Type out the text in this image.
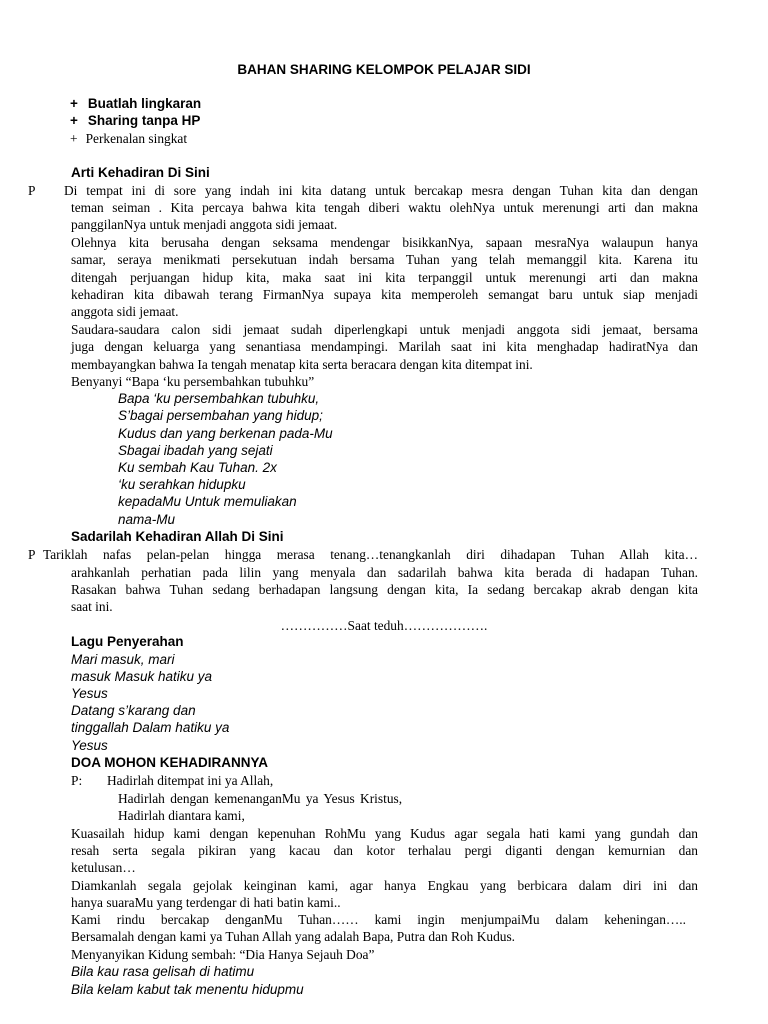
BAHAN SHARING KELOMPOK PELAJAR SIDI
+ Buatlah lingkaran
+ Sharing tanpa HP
+ Perkenalan singkat
Arti Kehadiran Di Sini
P Di tempat ini di sore yang indah ini kita datang untuk bercakap mesra dengan Tuhan kita dan dengan
teman seiman . Kita percaya bahwa kita tengah diberi waktu olehNya untuk merenungi arti dan makna
panggilanNya untuk menjadi anggota sidi jemaat.
Olehnya kita berusaha dengan seksama mendengar bisikkanNya, sapaan mesraNya walaupun hanya
samar, seraya menikmati persekutuan indah bersama Tuhan yang telah memanggil kita. Karena itu
ditengah perjuangan hidup kita, maka saat ini kita terpanggil untuk merenungi arti dan makna
kehadiran kita dibawah terang FirmanNya supaya kita memperoleh semangat baru untuk siap menjadi
anggota sidi jemaat.
Saudara-saudara calon sidi jemaat sudah diperlengkapi untuk menjadi anggota sidi jemaat, bersama
juga dengan keluarga yang senantiasa mendampingi. Marilah saat ini kita menghadap hadiratNya dan
membayangkan bahwa Ia tengah menatap kita serta beracara dengan kita ditempat ini.
Benyanyi “Bapa ‘ku persembahkan tubuhku”
Bapa ‘ku persembahkan tubuhku,
S’bagai persembahan yang hidup;
Kudus dan yang berkenan pada-Mu
Sbagai ibadah yang sejati
Ku sembah Kau Tuhan. 2x
‘ku serahkan hidupku
kepadaMu Untuk memuliakan
nama-Mu
Sadarilah Kehadiran Allah Di Sini
P Tariklah nafas pelan-pelan hingga merasa tenang…tenangkanlah diri dihadapan Tuhan Allah kita…
arahkanlah perhatian pada lilin yang menyala dan sadarilah bahwa kita berada di hadapan Tuhan.
Rasakan bahwa Tuhan sedang berhadapan langsung dengan kita, Ia sedang bercakap akrab dengan kita
saat ini.
……………Saat teduh……………….
Lagu Penyerahan
Mari masuk, mari
masuk Masuk hatiku ya
Yesus
Datang s’karang dan
tinggallah Dalam hatiku ya
Yesus
DOA MOHON KEHADIRANNYA
P: Hadirlah ditempat ini ya Allah,
Hadirlah dengan kemenanganMu ya Yesus Kristus,
Hadirlah diantara kami,
Kuasailah hidup kami dengan kepenuhan RohMu yang Kudus agar segala hati kami yang gundah dan
resah serta segala pikiran yang kacau dan kotor terhalau pergi diganti dengan kemurnian dan
ketulusan…
Diamkanlah segala gejolak keinginan kami, agar hanya Engkau yang berbicara dalam diri ini dan
hanya suaraMu yang terdengar di hati batin kami..
Kami rindu bercakap denganMu Tuhan…… kami ingin menjumpaiMu dalam keheningan…..
Bersamalah dengan kami ya Tuhan Allah yang adalah Bapa, Putra dan Roh Kudus.
Menyanyikan Kidung sembah: “Dia Hanya Sejauh Doa”
Bila kau rasa gelisah di hatimu
Bila kelam kabut tak menentu hidupmu
